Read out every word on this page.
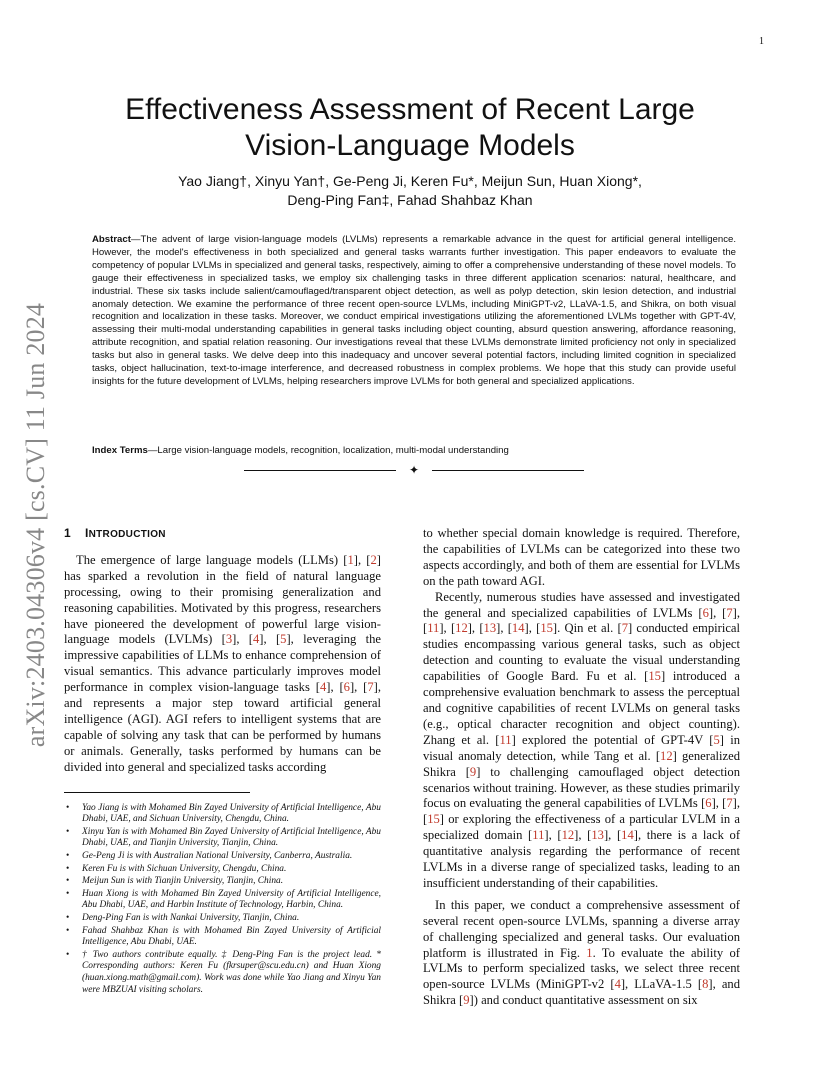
1
arXiv:2403.04306v4 [cs.CV] 11 Jun 2024
Effectiveness Assessment of Recent Large Vision-Language Models
Yao Jiang†, Xinyu Yan†, Ge-Peng Ji, Keren Fu*, Meijun Sun, Huan Xiong*,
Deng-Ping Fan‡, Fahad Shahbaz Khan
Abstract—The advent of large vision-language models (LVLMs) represents a remarkable advance in the quest for artificial general intelligence. However, the model's effectiveness in both specialized and general tasks warrants further investigation. This paper endeavors to evaluate the competency of popular LVLMs in specialized and general tasks, respectively, aiming to offer a comprehensive understanding of these novel models. To gauge their effectiveness in specialized tasks, we employ six challenging tasks in three different application scenarios: natural, healthcare, and industrial. These six tasks include salient/camouflaged/transparent object detection, as well as polyp detection, skin lesion detection, and industrial anomaly detection. We examine the performance of three recent open-source LVLMs, including MiniGPT-v2, LLaVA-1.5, and Shikra, on both visual recognition and localization in these tasks. Moreover, we conduct empirical investigations utilizing the aforementioned LVLMs together with GPT-4V, assessing their multi-modal understanding capabilities in general tasks including object counting, absurd question answering, affordance reasoning, attribute recognition, and spatial relation reasoning. Our investigations reveal that these LVLMs demonstrate limited proficiency not only in specialized tasks but also in general tasks. We delve deep into this inadequacy and uncover several potential factors, including limited cognition in specialized tasks, object hallucination, text-to-image interference, and decreased robustness in complex problems. We hope that this study can provide useful insights for the future development of LVLMs, helping researchers improve LVLMs for both general and specialized applications.
Index Terms—Large vision-language models, recognition, localization, multi-modal understanding
✦
1 INTRODUCTION

The emergence of large language models (LLMs) [1], [2] has sparked a revolution in the field of natural language processing, owing to their promising generalization and reasoning capabilities. Motivated by this progress, researchers have pioneered the development of powerful large vision-language models (LVLMs) [3], [4], [5], leveraging the impressive capabilities of LLMs to enhance comprehension of visual semantics. This advance particularly improves model performance in complex vision-language tasks [4], [6], [7], and represents a major step toward artificial general intelligence (AGI). AGI refers to intelligent systems that are capable of solving any task that can be performed by humans or animals. Generally, tasks performed by humans can be divided into general and specialized tasks according

• Yao Jiang is with Mohamed Bin Zayed University of Artificial Intelligence, Abu Dhabi, UAE, and Sichuan University, Chengdu, China.
• Xinyu Yan is with Mohamed Bin Zayed University of Artificial Intelligence, Abu Dhabi, UAE, and Tianjin University, Tianjin, China.
• Ge-Peng Ji is with Australian National University, Canberra, Australia.
• Keren Fu is with Sichuan University, Chengdu, China.
• Meijun Sun is with Tianjin University, Tianjin, China.
• Huan Xiong is with Mohamed Bin Zayed University of Artificial Intelligence, Abu Dhabi, UAE, and Harbin Institute of Technology, Harbin, China.
• Deng-Ping Fan is with Nankai University, Tianjin, China.
• Fahad Shahbaz Khan is with Mohamed Bin Zayed University of Artificial Intelligence, Abu Dhabi, UAE.
• † Two authors contribute equally. ‡ Deng-Ping Fan is the project lead. * Corresponding authors: Keren Fu (fkrsuper@scu.edu.cn) and Huan Xiong (huan.xiong.math@gmail.com). Work was done while Yao Jiang and Xinyu Yan were MBZUAI visiting scholars.

to whether special domain knowledge is required. Therefore, the capabilities of LVLMs can be categorized into these two aspects accordingly, and both of them are essential for LVLMs on the path toward AGI.

Recently, numerous studies have assessed and investigated the general and specialized capabilities of LVLMs [6], [7], [11], [12], [13], [14], [15]. Qin et al. [7] conducted empirical studies encompassing various general tasks, such as object detection and counting to evaluate the visual understanding capabilities of Google Bard. Fu et al. [15] introduced a comprehensive evaluation benchmark to assess the perceptual and cognitive capabilities of recent LVLMs on general tasks (e.g., optical character recognition and object counting). Zhang et al. [11] explored the potential of GPT-4V [5] in visual anomaly detection, while Tang et al. [12] generalized Shikra [9] to challenging camouflaged object detection scenarios without training. However, as these studies primarily focus on evaluating the general capabilities of LVLMs [6], [7], [15] or exploring the effectiveness of a particular LVLM in a specialized domain [11], [12], [13], [14], there is a lack of quantitative analysis regarding the performance of recent LVLMs in a diverse range of specialized tasks, leading to an insufficient understanding of their capabilities.

In this paper, we conduct a comprehensive assessment of several recent open-source LVLMs, spanning a diverse array of challenging specialized and general tasks. Our evaluation platform is illustrated in Fig. 1. To evaluate the ability of LVLMs to perform specialized tasks, we select three recent open-source LVLMs (MiniGPT-v2 [4], LLaVA-1.5 [8], and Shikra [9]) and conduct quantitative assessment on six
